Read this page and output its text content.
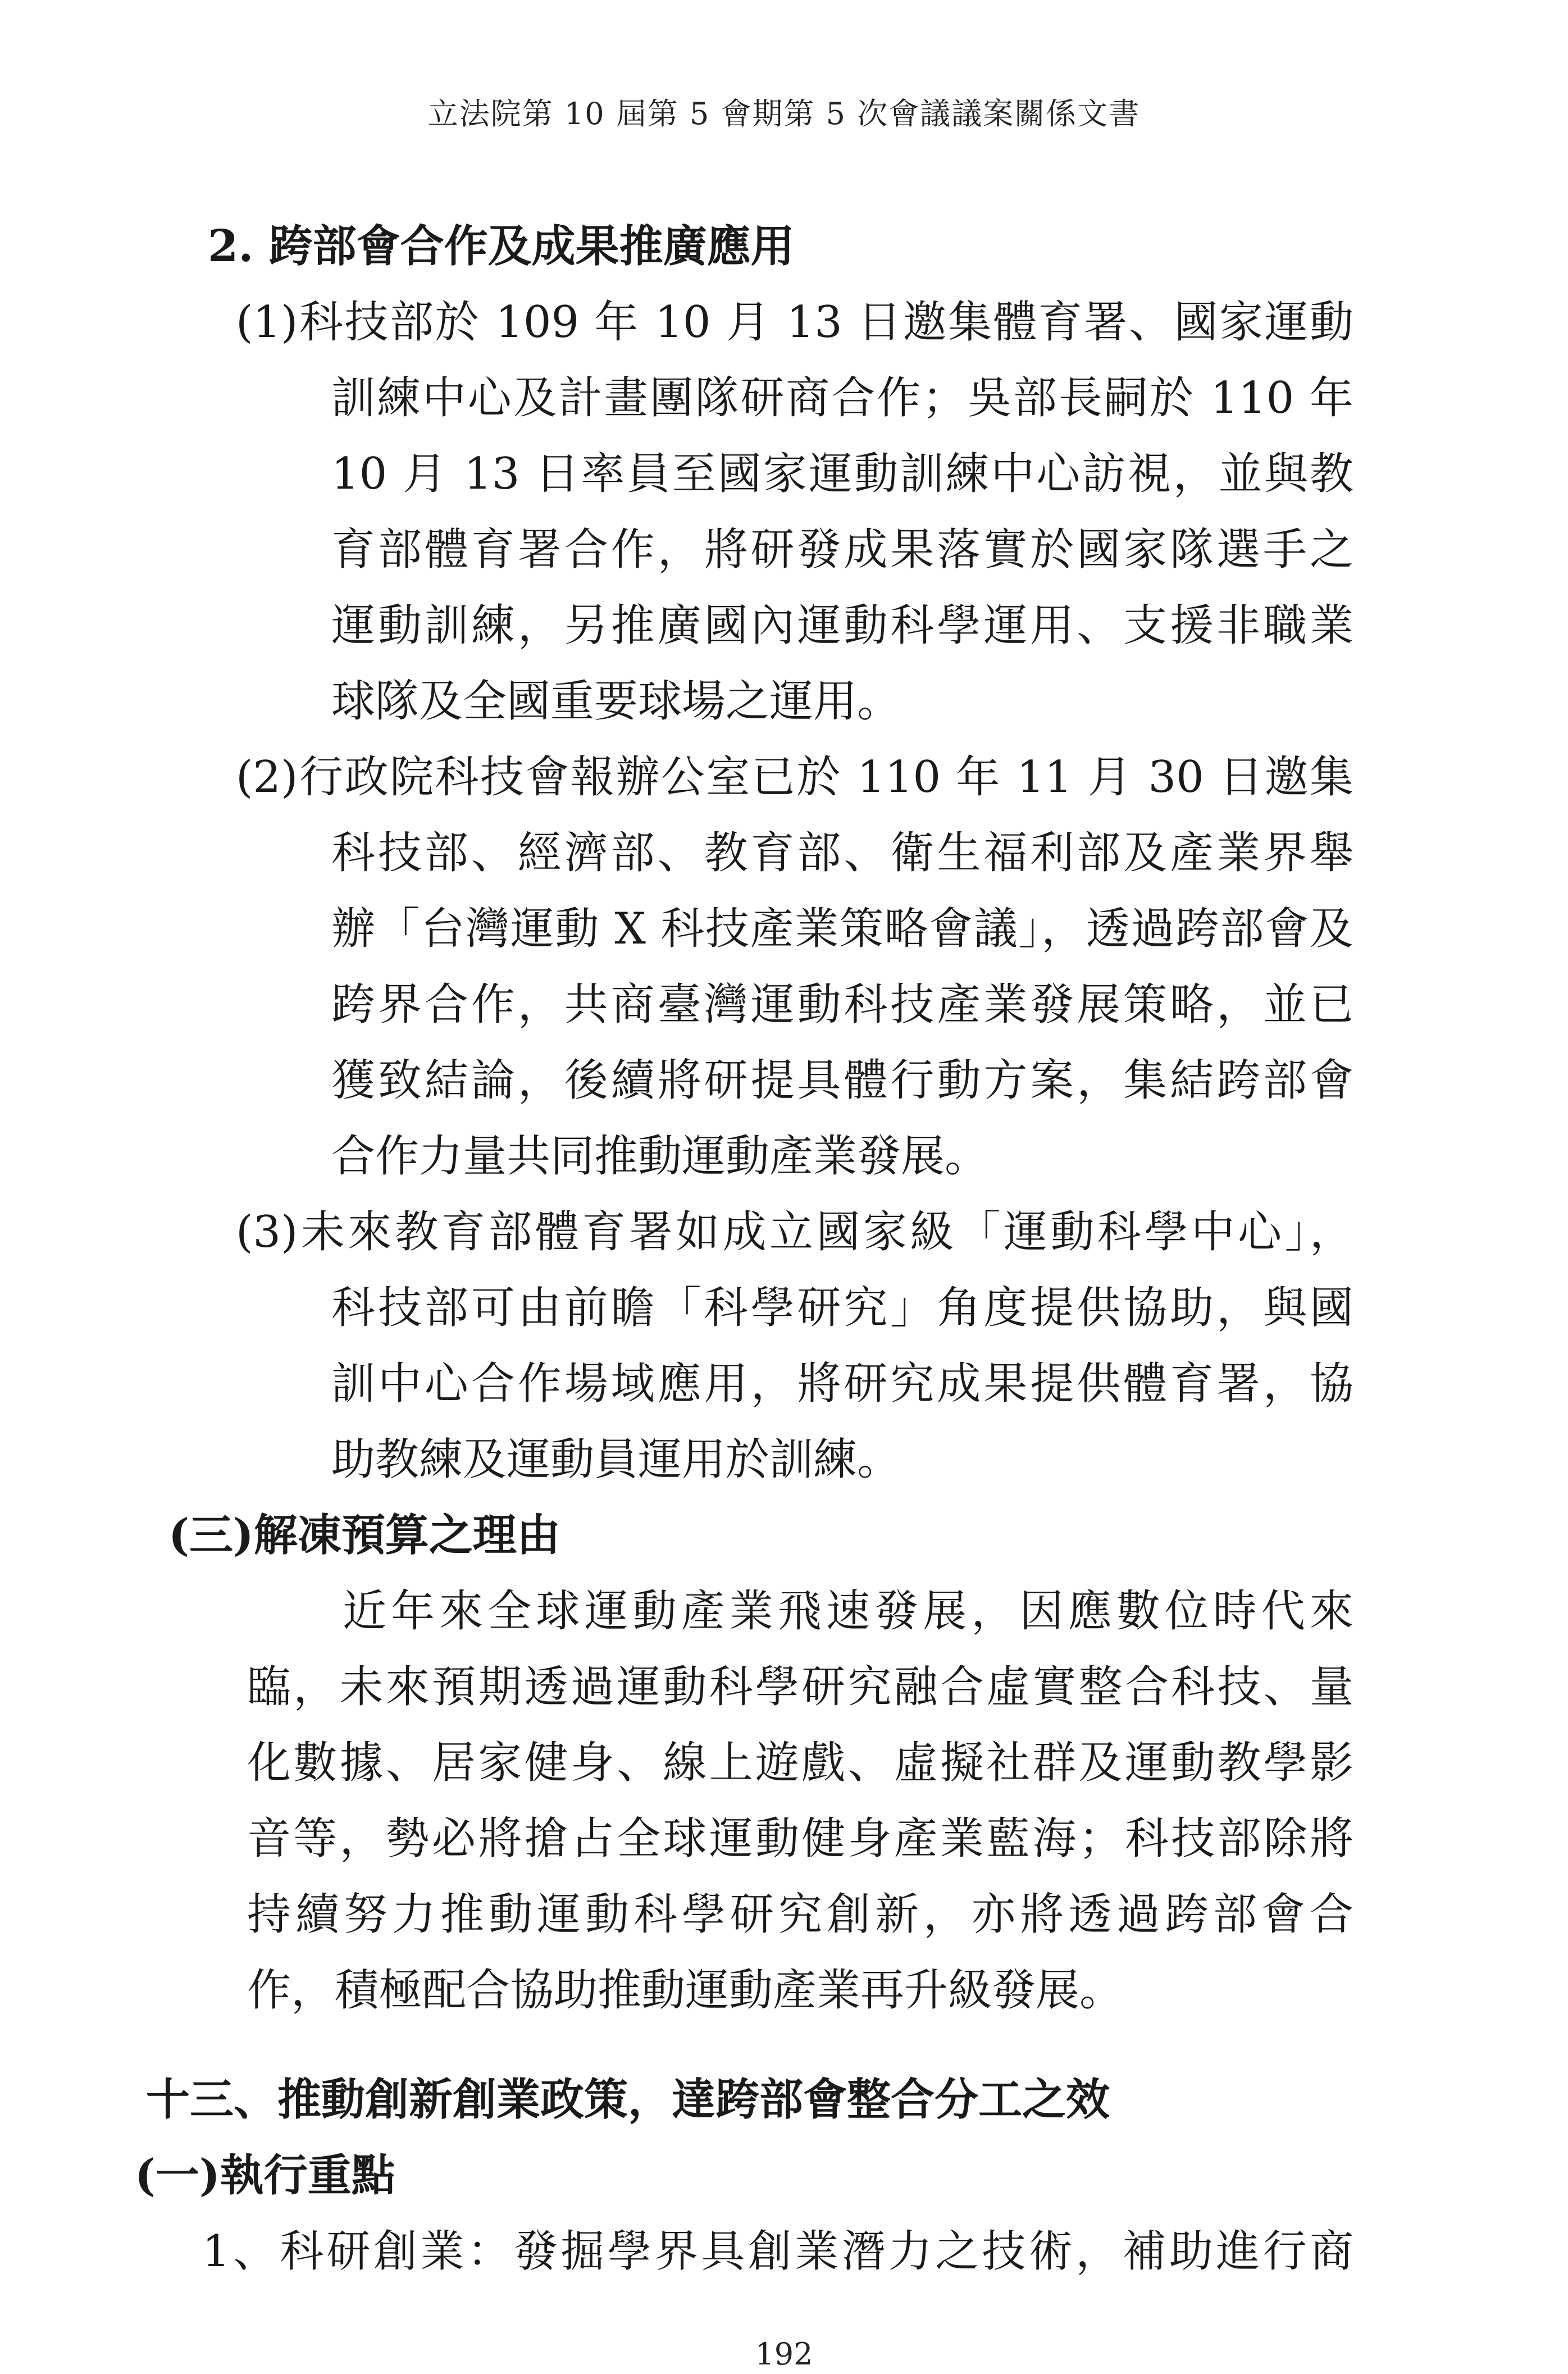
立法院第 10 屆第 5 會期第 5 次會議議案關係文書
2. 跨部會合作及成果推廣應用
(1)科技部於 109 年 10 月 13 日邀集體育署、國家運動
訓練中心及計畫團隊研商合作；吳部長嗣於 110 年
10 月 13 日率員至國家運動訓練中心訪視，並與教
育部體育署合作，將研發成果落實於國家隊選手之
運動訓練，另推廣國內運動科學運用、支援非職業
球隊及全國重要球場之運用。
(2)行政院科技會報辦公室已於 110 年 11 月 30 日邀集
科技部、經濟部、教育部、衛生福利部及產業界舉
辦「台灣運動 X 科技產業策略會議」，透過跨部會及
跨界合作，共商臺灣運動科技產業發展策略，並已
獲致結論，後續將研提具體行動方案，集結跨部會
合作力量共同推動運動產業發展。
(3)未來教育部體育署如成立國家級「運動科學中心」，
科技部可由前瞻「科學研究」角度提供協助，與國
訓中心合作場域應用，將研究成果提供體育署，協
助教練及運動員運用於訓練。
(三)解凍預算之理由
近年來全球運動產業飛速發展，因應數位時代來
臨，未來預期透過運動科學研究融合虛實整合科技、量
化數據、居家健身、線上遊戲、虛擬社群及運動教學影
音等，勢必將搶占全球運動健身產業藍海；科技部除將
持續努力推動運動科學研究創新，亦將透過跨部會合
作，積極配合協助推動運動產業再升級發展。
十三、推動創新創業政策，達跨部會整合分工之效
(一)執行重點
1、科研創業：發掘學界具創業潛力之技術，補助進行商
192
